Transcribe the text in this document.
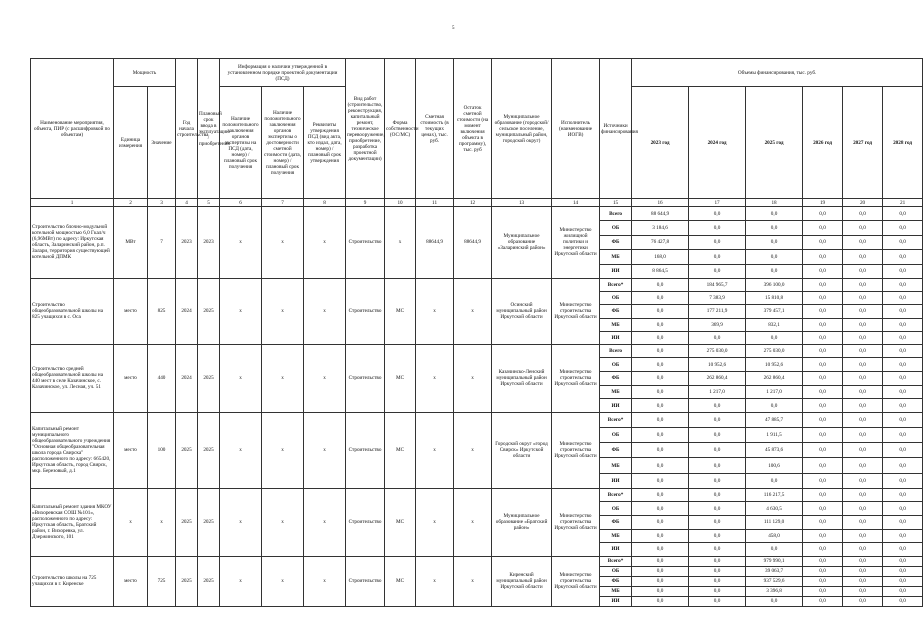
5
Наименование мероприятия, объекта, ПИР (с расшифровкой по объектам)	Мощность		Год начала строительства	Плановый срок ввода в эксплуатацию / приобретения	Информация о наличии утвержденной в установленном порядке проектной документации (ПСД)			Вид работ (строительство, реконструкция, капитальный ремонт, техническое перевооружение, приобретение, разработка проектной документации)	Форма собственности (ОС/МС)	Сметная стоимость (в текущих ценах), тыс. руб.	Остаток сметной стоимости (на момент включения объекта в программу), тыс. руб	Муниципальное образование (городской/сельское поселение, муниципальный район, городской округ)	Исполнитель (наименование ИОГВ)	Источники финансирования	Объемы финансирования, тыс. руб.					
	Единица измерения	Значение			Наличие положительного заключения органов экспертизы на ПСД (дата, номер) / плановый срок получения	Наличие положительного заключения органов экспертизы о достоверности сметной стоимости (дата, номер) / плановый срок получения	Реквизиты утверждения ПСД (вид акта, кто издал, дата, номер) / плановый срок утверждения								2023 год	2024 год	2025 год	2026 год	2027 год	2028 год
1	2	3	4	5	6	7	8	9	10	11	12	13	14	15	16	17	18	19	20	21
Строительство блочно-модульной котельной мощностью 6,0 Гкал/ч (6,96МВт) по адресу: Иркутская область, Заларинский район, р.п. Залари, территория существующей котельной ДПМК	МВт	7	2023	2023	х	х	х	Строительство	х	88644,9	88644,9	Муниципальное образование «Заларинский район»	Министерство жилищной политики и энергетики Иркутской области	Всего	88 644,9	0,0	0,0	0,0	0,0	0,0
														ОБ	3 184,6	0,0	0,0	0,0	0,0	0,0
														ФБ	76 427,8	0,0	0,0	0,0	0,0	0,0
														МБ	168,0	0,0	0,0	0,0	0,0	0,0
														ИИ	8 864,5	0,0	0,0	0,0	0,0	0,0
Строительство общеобразовательной школы на 825 учащихся в с. Оса	место	825	2024	2025	х	х	х	Строительство	МС	х	х	Осинский муниципальный район Иркутской области	Министерство строительства Иркутской области	Всего*	0,0	184 965,7	396 100,0	0,0	0,0	0,0
														ОБ	0,0	7 383,9	15 810,8	0,0	0,0	0,0
														ФБ	0,0	177 211,9	379 457,1	0,0	0,0	0,0
														МБ	0,0	369,9	832,1	0,0	0,0	0,0
														ИИ	0,0	0,0	0,0	0,0	0,0	0,0
Строительство средней общеобразовательной школы на 440 мест в селе Казачинское, с. Казачинское, ул. Лесная, уч. 51	место	440	2024	2025	х	х	х	Строительство	МС	х	х	Казачинско-Ленский муниципальный район Иркутской области	Министерство строительства Иркутской области	Всего	0,0	275 030,0	275 030,0	0,0	0,0	0,0
														ОБ	0,0	10 952,6	10 952,6	0,0	0,0	0,0
														ФБ	0,0	262 860,4	262 860,4	0,0	0,0	0,0
														МБ	0,0	1 217,0	1 217,0	0,0	0,0	0,0
														ИИ	0,0	0,0	0,0	0,0	0,0	0,0
Капитальный ремонт муниципального общеобразовательного учреждения "Основная общеобразовательная школа города Свирска" расположенного по адресу: 665420, Иркутская область, город Свирск, мкр. Березовый, д.1	место	100	2025	2025	х	х	х	Строительство	МС	х	х	Городской округ «город Свирск» Иркутской области	Министерство строительства Иркутской области	Всего*	0,0	0,0	47 885,7	0,0	0,0	0,0
														ОБ	0,0	0,0	1 911,5	0,0	0,0	0,0
														ФБ	0,0	0,0	45 873,6	0,0	0,0	0,0
														МБ	0,0	0,0	100,6	0,0	0,0	0,0
														ИИ	0,0	0,0	0,0	0,0	0,0	0,0
Капитальный ремонт здания МКОУ «Вихоревская СОШ №101», расположенного по адресу: Иркутская область, Братский район, г. Вихоревка, ул. Дзержинского, 101	х	х	2025	2025	х	х	х	Строительство	МС	х	х	Муниципальное образование «Братский район»	Министерство строительства Иркутской области	Всего*	0,0	0,0	116 217,5	0,0	0,0	0,0
														ОБ	0,0	0,0	4 630,5	0,0	0,0	0,0
														ФБ	0,0	0,0	111 129,0	0,0	0,0	0,0
														МБ	0,0	0,0	458,0	0,0	0,0	0,0
														ИИ	0,0	0,0	0,0	0,0	0,0	0,0
Строительство школы на 725 учащихся в г. Киренске	место	725	2025	2025	х	х	х	Строительство	МС	х	х	Киренский муниципальный район Иркутской области	Министерство строительства Иркутской области	Всего*	0,0	0,0	979 990,1	0,0	0,0	0,0
														ОБ	0,0	0,0	39 063,7	0,0	0,0	0,0
														ФБ	0,0	0,0	937 529,6	0,0	0,0	0,0
														МБ	0,0	0,0	3 396,8	0,0	0,0	0,0
														ИИ	0,0	0,0	0,0	0,0	0,0	0,0
